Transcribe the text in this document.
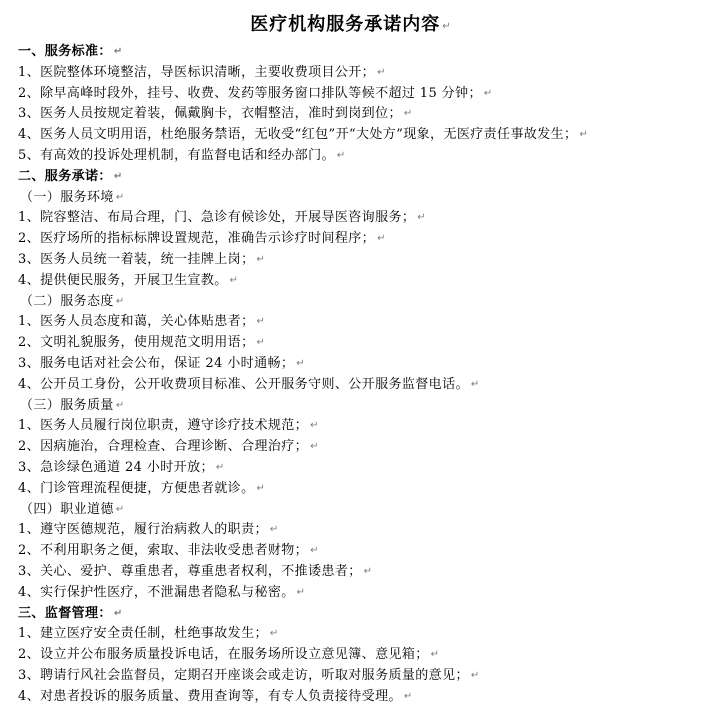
医疗机构服务承诺内容 ↵
一、服务标准： ↵
1、医院整体环境整洁，导医标识清晰，主要收费项目公开； ↵
2、除早高峰时段外，挂号、收费、发药等服务窗口排队等候不超过 15 分钟； ↵
3、医务人员按规定着装，佩戴胸卡，衣帽整洁，准时到岗到位； ↵
4、医务人员文明用语，杜绝服务禁语，无收受“红包”开“大处方”现象，无医疗责任事故发生； ↵
5、有高效的投诉处理机制，有监督电话和经办部门。 ↵
二、服务承诺： ↵
（一）服务环境 ↵
1、院容整洁、布局合理，门、急诊有候诊处，开展导医咨询服务； ↵
2、医疗场所的指标标牌设置规范，准确告示诊疗时间程序； ↵
3、医务人员统一着装，统一挂牌上岗； ↵
4、提供便民服务，开展卫生宣教。 ↵
（二）服务态度 ↵
1、医务人员态度和蔼，关心体贴患者； ↵
2、文明礼貌服务，使用规范文明用语； ↵
3、服务电话对社会公布，保证 24 小时通畅； ↵
4、公开员工身份，公开收费项目标准、公开服务守则、公开服务监督电话。 ↵
（三）服务质量 ↵
1、医务人员履行岗位职责，遵守诊疗技术规范； ↵
2、因病施治，合理检查、合理诊断、合理治疗； ↵
3、急诊绿色通道 24 小时开放； ↵
4、门诊管理流程便捷，方便患者就诊。 ↵
（四）职业道德 ↵
1、遵守医德规范，履行治病救人的职责； ↵
2、不利用职务之便，索取、非法收受患者财物； ↵
3、关心、爱护、尊重患者，尊重患者权利，不推诿患者； ↵
4、实行保护性医疗，不泄漏患者隐私与秘密。 ↵
三、监督管理： ↵
1、建立医疗安全责任制，杜绝事故发生； ↵
2、设立并公布服务质量投诉电话，在服务场所设立意见簿、意见箱； ↵
3、聘请行风社会监督员，定期召开座谈会或走访，听取对服务质量的意见； ↵
4、对患者投诉的服务质量、费用查询等，有专人负责接待受理。 ↵
